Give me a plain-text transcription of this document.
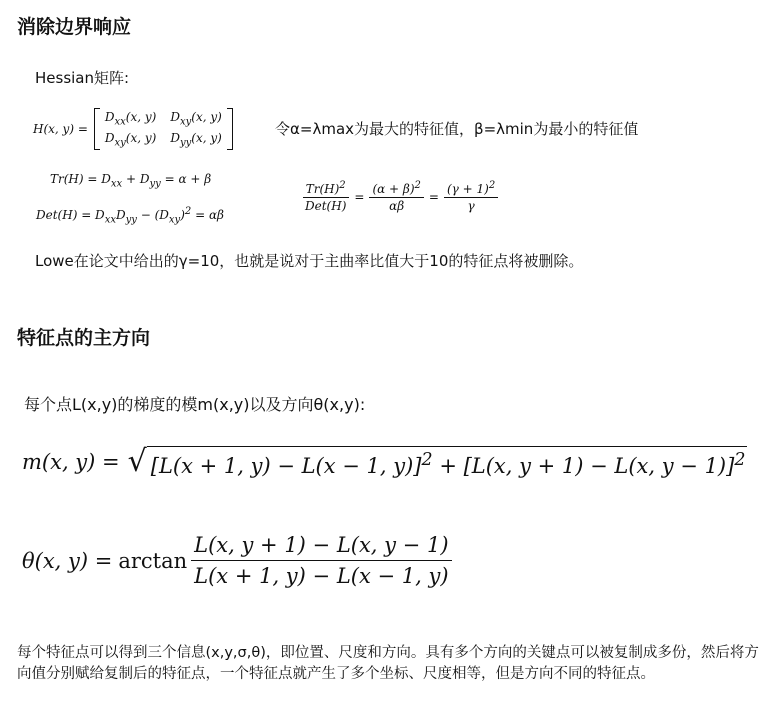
消除边界响应
Hessian矩阵:
H(x, y) =
$D_{xx}(x$, y) $D_{xy}(x$, y)
$D_{xy}(x$, y) $D_{yy}(x$, y)	令α=λmax为最大的特征值，β=λmin为最小的特征值
$Tr(H) = D_{xx} + D_{yy} = \alpha + \beta$
$Det(H) = D_{xx}D_{yy} - (D_{xy})^2 = \alpha\beta$
$\frac{Tr(H)^2}{\text{Det(H)}} = \frac{(\alpha + \beta)^2}{\alpha\beta} = \frac{(\gamma + 1)^2}{\gamma}$
Lowe在论文中给出的γ=10，也就是说对于主曲率比值大于10的特征点将被删除。
特征点的主方向
每个点L(x,y)的梯度的模m(x,y)以及方向θ(x,y):
m(x, y) = √ [L(x + 1, y) − L(x − 1, y)]$^2$ + [L(x, y + 1) − L(x, y − 1)]$^2$
θ(x, $y) = \arctan \frac{L(x, y + 1) - L(x, y - 1)}{L(x + 1, y) - L(x - 1, y)}$
每个特征点可以得到三个信息(x,y,σ,θ)，即位置、尺度和方向。具有多个方向的关键点可以被复制成多份，然后将方向值分别赋给复制后的特征点，一个特征点就产生了多个坐标、尺度相等，但是方向不同的特征点。
